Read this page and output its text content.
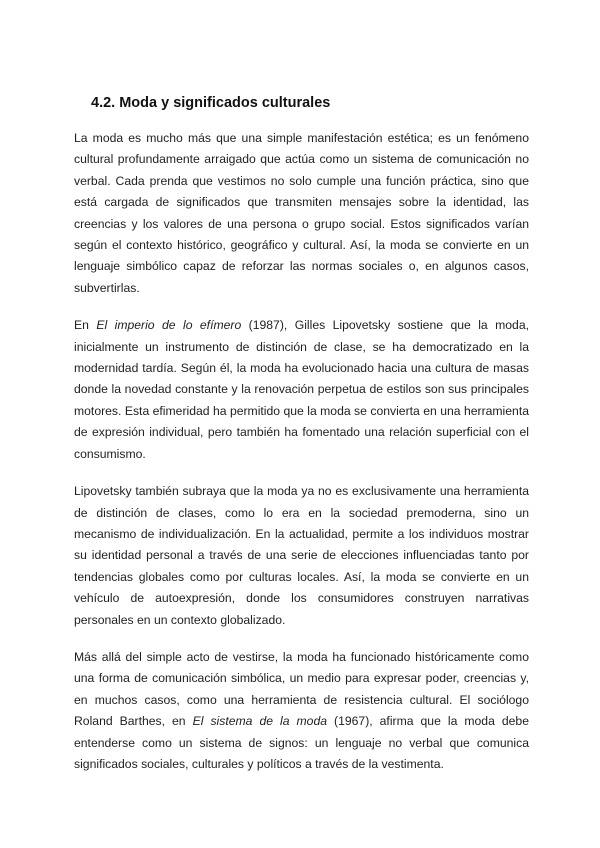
4.2. Moda y significados culturales

La moda es mucho más que una simple manifestación estética; es un fenómeno cultural profundamente arraigado que actúa como un sistema de comunicación no verbal. Cada prenda que vestimos no solo cumple una función práctica, sino que está cargada de significados que transmiten mensajes sobre la identidad, las creencias y los valores de una persona o grupo social. Estos significados varían según el contexto histórico, geográfico y cultural. Así, la moda se convierte en un lenguaje simbólico capaz de reforzar las normas sociales o, en algunos casos, subvertirlas.

En El imperio de lo efímero (1987), Gilles Lipovetsky sostiene que la moda, inicialmente un instrumento de distinción de clase, se ha democratizado en la modernidad tardía. Según él, la moda ha evolucionado hacia una cultura de masas donde la novedad constante y la renovación perpetua de estilos son sus principales motores. Esta efimeridad ha permitido que la moda se convierta en una herramienta de expresión individual, pero también ha fomentado una relación superficial con el consumismo.

Lipovetsky también subraya que la moda ya no es exclusivamente una herramienta de distinción de clases, como lo era en la sociedad premoderna, sino un mecanismo de individualización. En la actualidad, permite a los individuos mostrar su identidad personal a través de una serie de elecciones influenciadas tanto por tendencias globales como por culturas locales. Así, la moda se convierte en un vehículo de autoexpresión, donde los consumidores construyen narrativas personales en un contexto globalizado.

Más allá del simple acto de vestirse, la moda ha funcionado históricamente como una forma de comunicación simbólica, un medio para expresar poder, creencias y, en muchos casos, como una herramienta de resistencia cultural. El sociólogo Roland Barthes, en El sistema de la moda (1967), afirma que la moda debe entenderse como un sistema de signos: un lenguaje no verbal que comunica significados sociales, culturales y políticos a través de la vestimenta.
